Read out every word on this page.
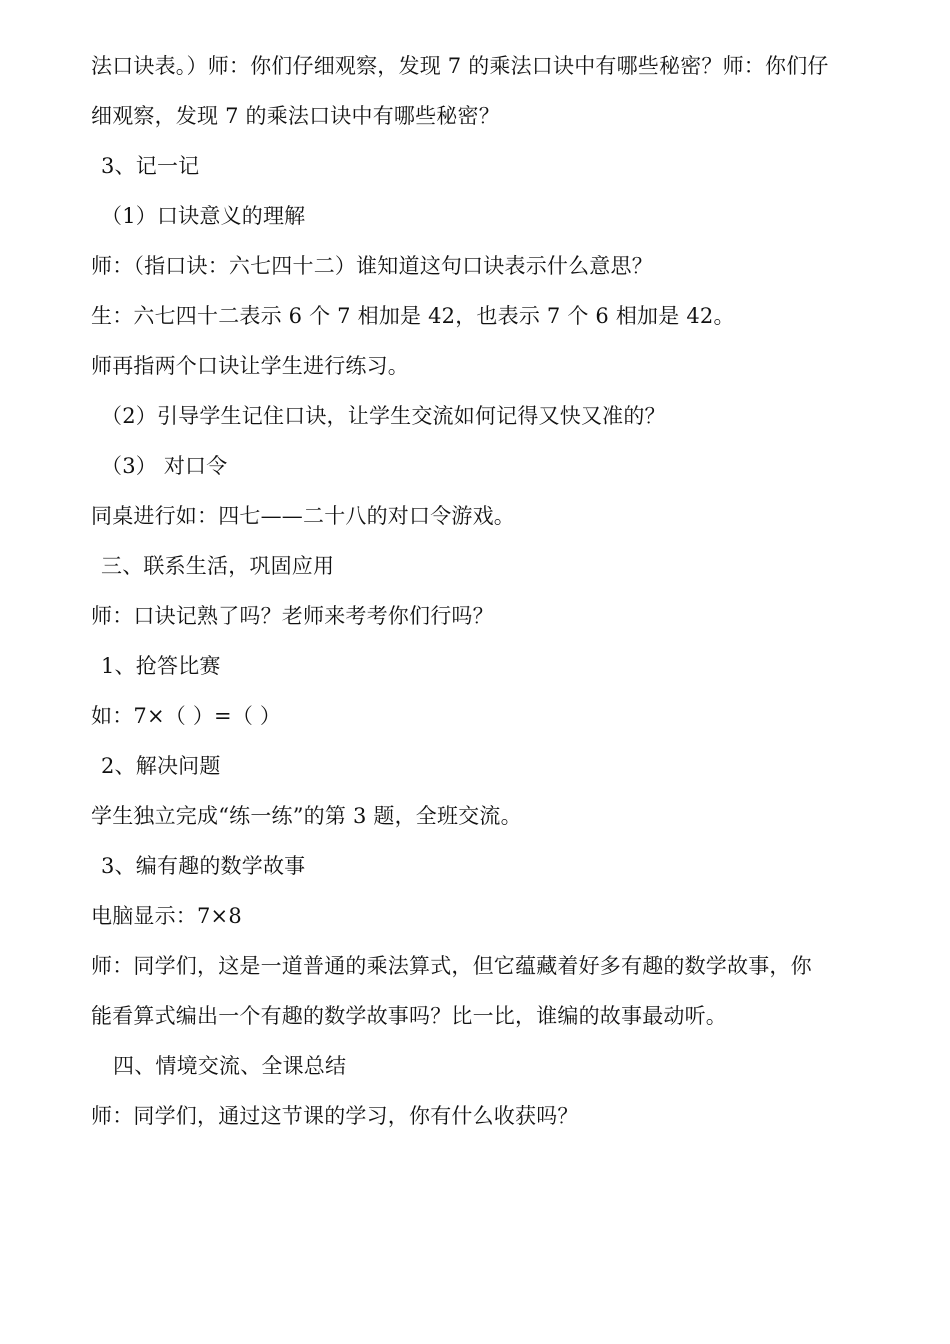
法口诀表。）师：你们仔细观察，发现 7 的乘法口诀中有哪些秘密？师：你们仔
细观察，发现 7 的乘法口诀中有哪些秘密？
3、记一记
（1）口诀意义的理解
师：（指口诀：六七四十二）谁知道这句口诀表示什么意思？
生：六七四十二表示 6 个 7 相加是 42，也表示 7 个 6 相加是 42。
师再指两个口诀让学生进行练习。
（2）引导学生记住口诀，让学生交流如何记得又快又准的？
（3） 对口令
同桌进行如：四七——二十八的对口令游戏。
三、联系生活，巩固应用
师：口诀记熟了吗？老师来考考你们行吗？
1、抢答比赛
如：7×（ ）=（ ）
2、解决问题
学生独立完成“练一练”的第 3 题，全班交流。
3、编有趣的数学故事
电脑显示：7×8
师：同学们，这是一道普通的乘法算式，但它蕴藏着好多有趣的数学故事，你
能看算式编出一个有趣的数学故事吗？比一比，谁编的故事最动听。
四、情境交流、全课总结
师：同学们，通过这节课的学习，你有什么收获吗？
